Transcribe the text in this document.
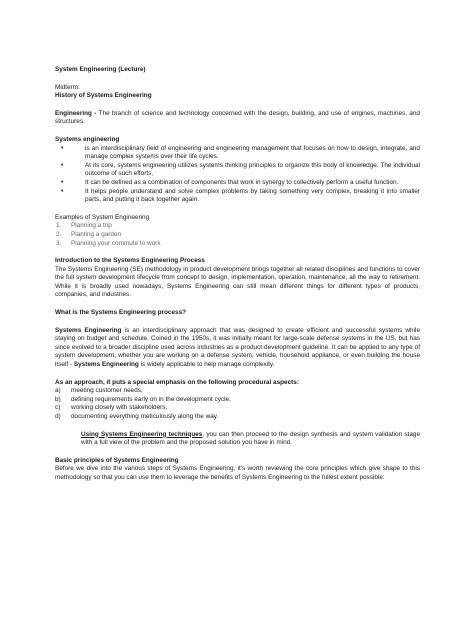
System Engineering (Lecture)
Midterm:
History of Systems Engineering
Engineering - The branch of science and technology concerned with the design, building, and use of engines, machines, and structures.
Systems engineering
• is an interdisciplinary field of engineering and engineering management that focuses on how to design, integrate, and manage complex systems over their life cycles.
• At its core, systems engineering utilizes systems thinking principles to organize this body of knowledge. The individual outcome of such efforts,
• It can be defined as a combination of components that work in synergy to collectively perform a useful function.
• It helps people understand and solve complex problems by taking something very complex, breaking it into smaller parts, and putting it back together again.
Examples of System Engineering
1. Planning a trip
2. Planting a garden
3. Planning your commute to work
Introduction to the Systems Engineering Process
The Systems Engineering (SE) methodology in product development brings together all related disciplines and functions to cover the full system development lifecycle from concept to design, implementation, operation, maintenance, all the way to retirement. While it is broadly used nowadays, Systems Engineering can still mean different things for different types of products, companies, and industries.
What is the Systems Engineering process?
Systems Engineering is an interdisciplinary approach that was designed to create efficient and successful systems while staying on budget and schedule. Coined in the 1950s, it was initially meant for large-scale defense systems in the US, but has since evolved to a broader discipline used across industries as a product development guideline. It can be applied to any type of system development, whether you are working on a defense system, vehicle, household appliance, or even building the house itself - Systems Engineering is widely applicable to help manage complexity.
As an approach, it puts a special emphasis on the following procedural aspects:
a) meeting customer needs,
b) defining requirements early on in the development cycle,
c) working closely with stakeholders,
d) documenting everything meticulously along the way.
Using Systems Engineering techniques, you can then proceed to the design synthesis and system validation stage with a full view of the problem and the proposed solution you have in mind.
Basic principles of Systems Engineering
Before we dive into the various steps of Systems Engineering, it's worth reviewing the core principles which give shape to this methodology so that you can use them to leverage the benefits of Systems Engineering to the fullest extent possible:
